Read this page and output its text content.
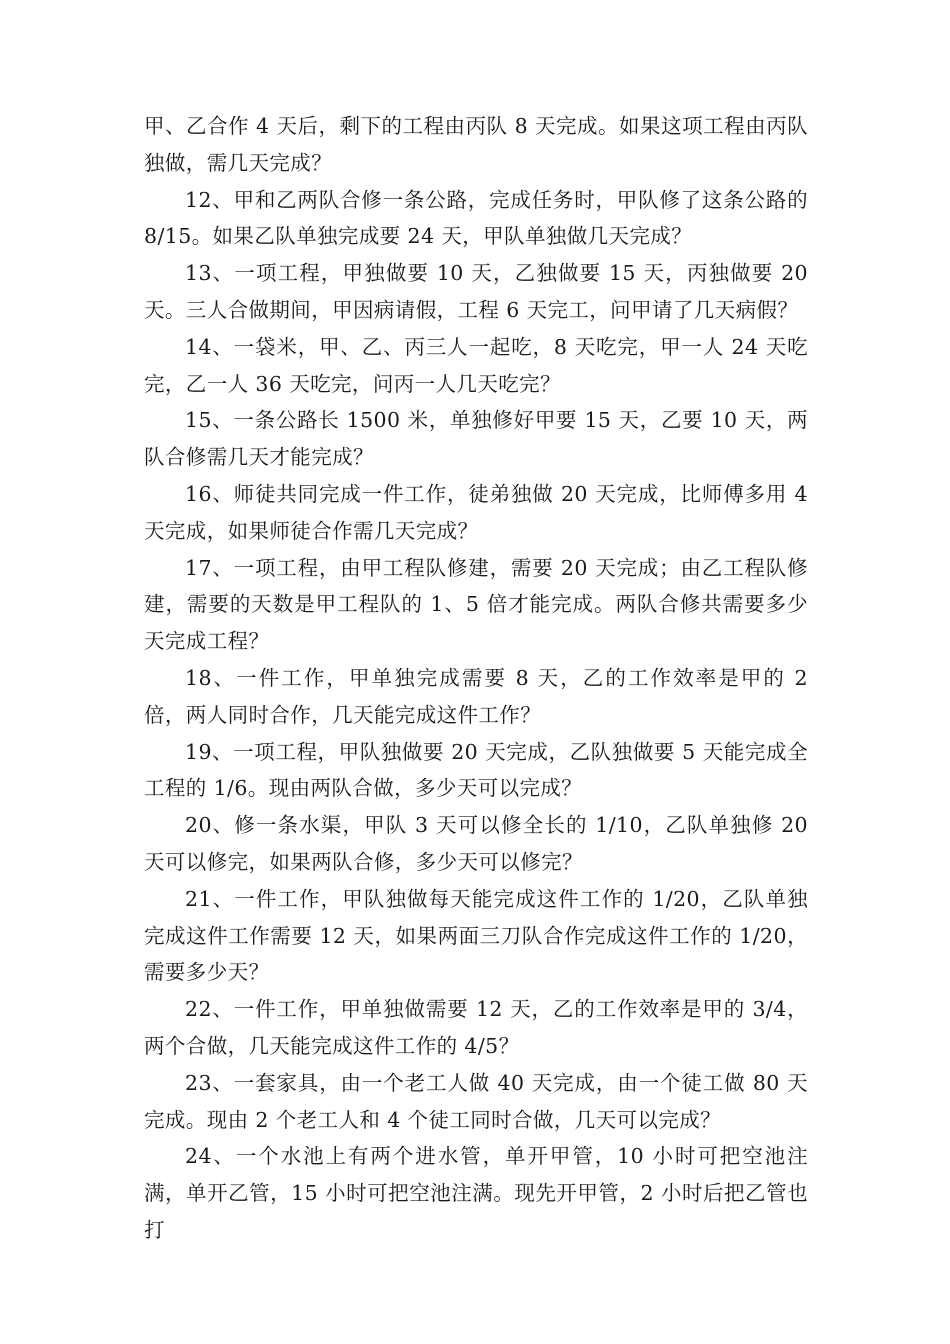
甲、乙合作 4 天后，剩下的工程由丙队 8 天完成。如果这项工程由丙队独做，需几天完成？

12、甲和乙两队合修一条公路，完成任务时，甲队修了这条公路的 8/15。如果乙队单独完成要 24 天，甲队单独做几天完成？

13、一项工程，甲独做要 10 天，乙独做要 15 天，丙独做要 20 天。三人合做期间，甲因病请假，工程 6 天完工，问甲请了几天病假？

14、一袋米，甲、乙、丙三人一起吃，8 天吃完，甲一人 24 天吃完，乙一人 36 天吃完，问丙一人几天吃完？

15、一条公路长 1500 米，单独修好甲要 15 天，乙要 10 天，两队合修需几天才能完成？

16、师徒共同完成一件工作，徒弟独做 20 天完成，比师傅多用 4 天完成，如果师徒合作需几天完成？

17、一项工程，由甲工程队修建，需要 20 天完成；由乙工程队修建，需要的天数是甲工程队的 1、5 倍才能完成。两队合修共需要多少天完成工程？

18、一件工作，甲单独完成需要 8 天，乙的工作效率是甲的 2 倍，两人同时合作，几天能完成这件工作？

19、一项工程，甲队独做要 20 天完成，乙队独做要 5 天能完成全工程的 1/6。现由两队合做，多少天可以完成？

20、修一条水渠，甲队 3 天可以修全长的 1/10，乙队单独修 20 天可以修完，如果两队合修，多少天可以修完？

21、一件工作，甲队独做每天能完成这件工作的 1/20，乙队单独完成这件工作需要 12 天，如果两面三刀队合作完成这件工作的 1/20，需要多少天？

22、一件工作，甲单独做需要 12 天，乙的工作效率是甲的 3/4，两个合做，几天能完成这件工作的 4/5？

23、一套家具，由一个老工人做 40 天完成，由一个徒工做 80 天完成。现由 2 个老工人和 4 个徒工同时合做，几天可以完成？

24、一个水池上有两个进水管，单开甲管，10 小时可把空池注满，单开乙管，15 小时可把空池注满。现先开甲管，2 小时后把乙管也打
